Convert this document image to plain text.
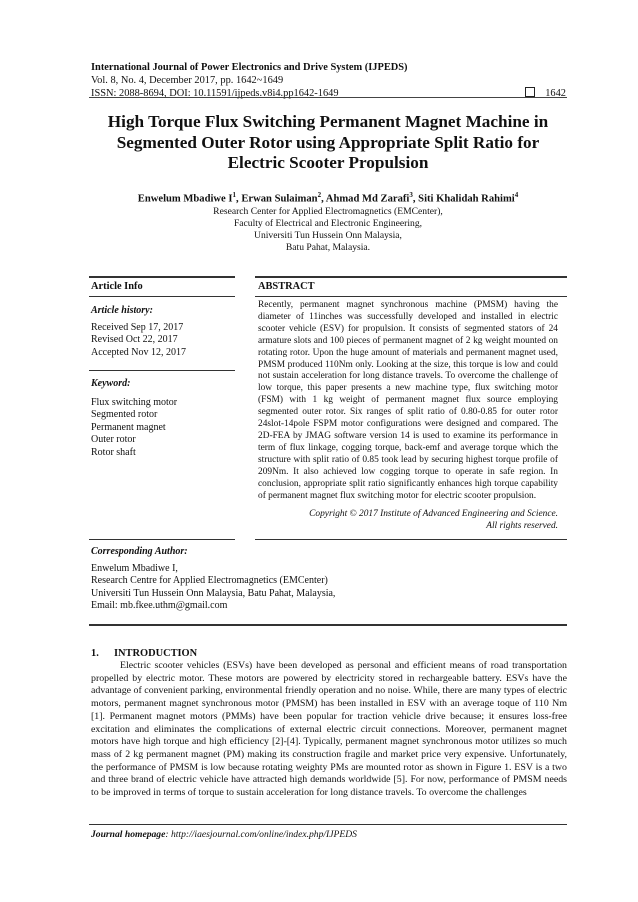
International Journal of Power Electronics and Drive System (IJPEDS)
Vol. 8, No. 4, December 2017, pp. 1642~1649
ISSN: 2088-8694, DOI: 10.11591/ijpeds.v8i4.pp1642-1649	1642
High Torque Flux Switching Permanent Magnet Machine in
Segmented Outer Rotor using Appropriate Split Ratio for
Electric Scooter Propulsion
Enwelum Mbadiwe $I^1$, Erwan Sulaiman$^2$, Ahmad Md Zarafi$^3$, Siti Khalidah Rahimi$^4$
Research Center for Applied Electromagnetics (EMCenter),
Faculty of Electrical and Electronic Engineering,
Universiti Tun Hussein Onn Malaysia,
Batu Pahat, Malaysia.
Article Info	ABSTRACT
Article history:
Received Sep 17, 2017
Revised Oct 22, 2017
Accepted Nov 12, 2017
Keyword:
Flux switching motor
Segmented rotor
Permanent magnet
Outer rotor
Rotor shaft
Recently, permanent magnet synchronous machine (PMSM) having the diameter of 11inches was successfully developed and installed in electric scooter vehicle (ESV) for propulsion. It consists of segmented stators of 24 armature slots and 100 pieces of permanent magnet of 2 kg weight mounted on rotating rotor. Upon the huge amount of materials and permanent magnet used, PMSM produced 110Nm only. Looking at the size, this torque is low and could not sustain acceleration for long distance travels. To overcome the challenge of low torque, this paper presents a new machine type, flux switching motor (FSM) with 1 kg weight of permanent magnet flux source employing segmented outer rotor. Six ranges of split ratio of 0.80-0.85 for outer rotor 24slot-14pole FSPM motor configurations were designed and compared. The 2D-FEA by JMAG software version 14 is used to examine its performance in term of flux linkage, cogging torque, back-emf and average torque which the structure with split ratio of 0.85 took lead by securing highest torque profile of 209Nm. It also achieved low cogging torque to operate in safe region. In conclusion, appropriate split ratio significantly enhances high torque capability of permanent magnet flux switching motor for electric scooter propulsion.
Copyright © 2017 Institute of Advanced Engineering and Science.
All rights reserved.
Corresponding Author:
Enwelum Mbadiwe I,
Research Centre for Applied Electromagnetics (EMCenter)
Universiti Tun Hussein Onn Malaysia, Batu Pahat, Malaysia,
Email: mb.fkee.uthm@gmail.com
1. INTRODUCTION

Electric scooter vehicles (ESVs) have been developed as personal and efficient means of road transportation propelled by electric motor. These motors are powered by electricity stored in rechargeable battery. ESVs have the advantage of convenient parking, environmental friendly operation and no noise. While, there are many types of electric motors, permanent magnet synchronous motor (PMSM) has been installed in ESV with an average toque of 110 Nm [1]. Permanent magnet motors (PMMs) have been popular for traction vehicle drive because; it ensures loss-free excitation and eliminates the complications of external electric circuit connections. Moreover, permanent magnet motors have high torque and high efficiency [2]-[4]. Typically, permanent magnet synchronous motor utilizes so much mass of 2 kg permanent magnet (PM) making its construction fragile and market price very expensive. Unfortunately, the performance of PMSM is low because rotating weighty PMs are mounted rotor as shown in Figure 1. ESV is a two and three brand of electric vehicle have attracted high demands worldwide [5]. For now, performance of PMSM needs to be improved in terms of torque to sustain acceleration for long distance travels. To overcome the challenges

Journal homepage: http://iaesjournal.com/online/index.php/IJPEDS
